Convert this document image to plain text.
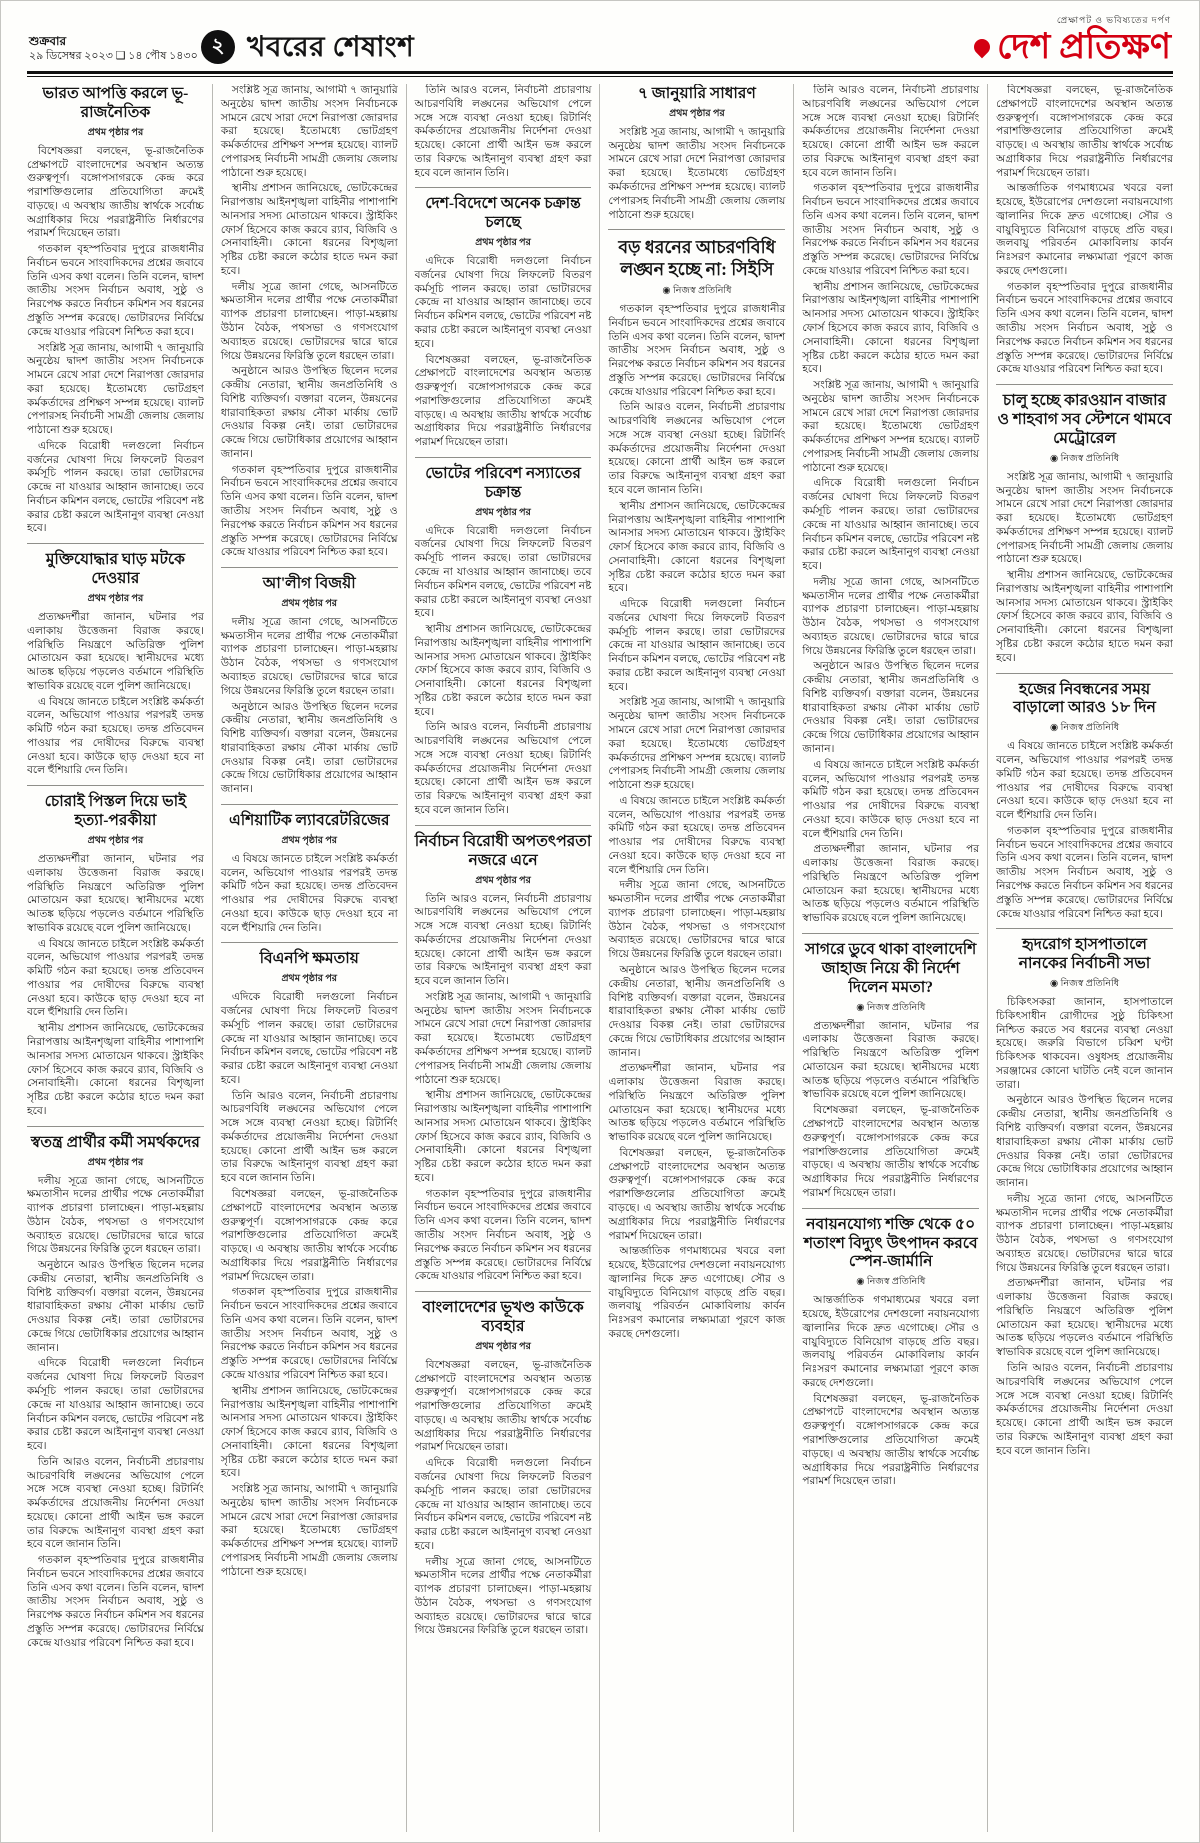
শুক্রবার
২৯ ডিসেম্বর ২০২৩ ❑ ১৪ পৌষ ১৪৩০ ২ খবরের শেষাংশ
প্রেক্ষাপট ও ভবিষ্যতের দর্পণ
দেশ প্রতিক্ষণ
ভারত আপত্তি করলে ভূ-রাজনৈতিক
প্রথম পৃষ্ঠার পর

বিশেষজ্ঞরা বলছেন, ভূ-রাজনৈতিক প্রেক্ষাপটে বাংলাদেশের অবস্থান অত্যন্ত গুরুত্বপূর্ণ। বঙ্গোপসাগরকে কেন্দ্র করে পরাশক্তিগুলোর প্রতিযোগিতা ক্রমেই বাড়ছে। এ অবস্থায় জাতীয় স্বার্থকে সর্বোচ্চ অগ্রাধিকার দিয়ে পররাষ্ট্রনীতি নির্ধারণের পরামর্শ দিয়েছেন তারা।

গতকাল বৃহস্পতিবার দুপুরে রাজধানীর নির্বাচন ভবনে সাংবাদিকদের প্রশ্নের জবাবে তিনি এসব কথা বলেন। তিনি বলেন, দ্বাদশ জাতীয় সংসদ নির্বাচন অবাধ, সুষ্ঠু ও নিরপেক্ষ করতে নির্বাচন কমিশন সব ধরনের প্রস্তুতি সম্পন্ন করেছে। ভোটারদের নির্বিঘ্নে কেন্দ্রে যাওয়ার পরিবেশ নিশ্চিত করা হবে।

সংশ্লিষ্ট সূত্র জানায়, আগামী ৭ জানুয়ারি অনুষ্ঠেয় দ্বাদশ জাতীয় সংসদ নির্বাচনকে সামনে রেখে সারা দেশে নিরাপত্তা জোরদার করা হয়েছে। ইতোমধ্যে ভোটগ্রহণ কর্মকর্তাদের প্রশিক্ষণ সম্পন্ন হয়েছে। ব্যালট পেপারসহ নির্বাচনী সামগ্রী জেলায় জেলায় পাঠানো শুরু হয়েছে।

এদিকে বিরোধী দলগুলো নির্বাচন বর্জনের ঘোষণা দিয়ে লিফলেট বিতরণ কর্মসূচি পালন করছে। তারা ভোটারদের কেন্দ্রে না যাওয়ার আহ্বান জানাচ্ছে। তবে নির্বাচন কমিশন বলছে, ভোটের পরিবেশ নষ্ট করার চেষ্টা করলে আইনানুগ ব্যবস্থা নেওয়া হবে।

মুক্তিযোদ্ধার ঘাড় মটকে দেওয়ার
প্রথম পৃষ্ঠার পর

প্রত্যক্ষদর্শীরা জানান, ঘটনার পর এলাকায় উত্তেজনা বিরাজ করছে। পরিস্থিতি নিয়ন্ত্রণে অতিরিক্ত পুলিশ মোতায়েন করা হয়েছে। স্থানীয়দের মধ্যে আতঙ্ক ছড়িয়ে পড়লেও বর্তমানে পরিস্থিতি স্বাভাবিক রয়েছে বলে পুলিশ জানিয়েছে।

এ বিষয়ে জানতে চাইলে সংশ্লিষ্ট কর্মকর্তা বলেন, অভিযোগ পাওয়ার পরপরই তদন্ত কমিটি গঠন করা হয়েছে। তদন্ত প্রতিবেদন পাওয়ার পর দোষীদের বিরুদ্ধে ব্যবস্থা নেওয়া হবে। কাউকে ছাড় দেওয়া হবে না বলে হুঁশিয়ারি দেন তিনি।

চোরাই পিস্তল দিয়ে ভাই হত্যা-পরকীয়া
প্রথম পৃষ্ঠার পর

প্রত্যক্ষদর্শীরা জানান, ঘটনার পর এলাকায় উত্তেজনা বিরাজ করছে। পরিস্থিতি নিয়ন্ত্রণে অতিরিক্ত পুলিশ মোতায়েন করা হয়েছে। স্থানীয়দের মধ্যে আতঙ্ক ছড়িয়ে পড়লেও বর্তমানে পরিস্থিতি স্বাভাবিক রয়েছে বলে পুলিশ জানিয়েছে।

এ বিষয়ে জানতে চাইলে সংশ্লিষ্ট কর্মকর্তা বলেন, অভিযোগ পাওয়ার পরপরই তদন্ত কমিটি গঠন করা হয়েছে। তদন্ত প্রতিবেদন পাওয়ার পর দোষীদের বিরুদ্ধে ব্যবস্থা নেওয়া হবে। কাউকে ছাড় দেওয়া হবে না বলে হুঁশিয়ারি দেন তিনি।

স্থানীয় প্রশাসন জানিয়েছে, ভোটকেন্দ্রের নিরাপত্তায় আইনশৃঙ্খলা বাহিনীর পাশাপাশি আনসার সদস্য মোতায়েন থাকবে। স্ট্রাইকিং ফোর্স হিসেবে কাজ করবে র‍্যাব, বিজিবি ও সেনাবাহিনী। কোনো ধরনের বিশৃঙ্খলা সৃষ্টির চেষ্টা করলে কঠোর হাতে দমন করা হবে।

স্বতন্ত্র প্রার্থীর কর্মী সমর্থকদের
প্রথম পৃষ্ঠার পর

দলীয় সূত্রে জানা গেছে, আসনটিতে ক্ষমতাসীন দলের প্রার্থীর পক্ষে নেতাকর্মীরা ব্যাপক প্রচারণা চালাচ্ছেন। পাড়া-মহল্লায় উঠান বৈঠক, পথসভা ও গণসংযোগ অব্যাহত রয়েছে। ভোটারদের দ্বারে দ্বারে গিয়ে উন্নয়নের ফিরিস্তি তুলে ধরছেন তারা।

অনুষ্ঠানে আরও উপস্থিত ছিলেন দলের কেন্দ্রীয় নেতারা, স্থানীয় জনপ্রতিনিধি ও বিশিষ্ট ব্যক্তিবর্গ। বক্তারা বলেন, উন্নয়নের ধারাবাহিকতা রক্ষায় নৌকা মার্কায় ভোট দেওয়ার বিকল্প নেই। তারা ভোটারদের কেন্দ্রে গিয়ে ভোটাধিকার প্রয়োগের আহ্বান জানান।

এদিকে বিরোধী দলগুলো নির্বাচন বর্জনের ঘোষণা দিয়ে লিফলেট বিতরণ কর্মসূচি পালন করছে। তারা ভোটারদের কেন্দ্রে না যাওয়ার আহ্বান জানাচ্ছে। তবে নির্বাচন কমিশন বলছে, ভোটের পরিবেশ নষ্ট করার চেষ্টা করলে আইনানুগ ব্যবস্থা নেওয়া হবে।

তিনি আরও বলেন, নির্বাচনী প্রচারণায় আচরণবিধি লঙ্ঘনের অভিযোগ পেলে সঙ্গে সঙ্গে ব্যবস্থা নেওয়া হচ্ছে। রিটার্নিং কর্মকর্তাদের প্রয়োজনীয় নির্দেশনা দেওয়া হয়েছে। কোনো প্রার্থী আইন ভঙ্গ করলে তার বিরুদ্ধে আইনানুগ ব্যবস্থা গ্রহণ করা হবে বলে জানান তিনি।

গতকাল বৃহস্পতিবার দুপুরে রাজধানীর নির্বাচন ভবনে সাংবাদিকদের প্রশ্নের জবাবে তিনি এসব কথা বলেন। তিনি বলেন, দ্বাদশ জাতীয় সংসদ নির্বাচন অবাধ, সুষ্ঠু ও নিরপেক্ষ করতে নির্বাচন কমিশন সব ধরনের প্রস্তুতি সম্পন্ন করেছে। ভোটারদের নির্বিঘ্নে কেন্দ্রে যাওয়ার পরিবেশ নিশ্চিত করা হবে।

সংশ্লিষ্ট সূত্র জানায়, আগামী ৭ জানুয়ারি অনুষ্ঠেয় দ্বাদশ জাতীয় সংসদ নির্বাচনকে সামনে রেখে সারা দেশে নিরাপত্তা জোরদার করা হয়েছে। ইতোমধ্যে ভোটগ্রহণ কর্মকর্তাদের প্রশিক্ষণ সম্পন্ন হয়েছে। ব্যালট পেপারসহ নির্বাচনী সামগ্রী জেলায় জেলায় পাঠানো শুরু হয়েছে।

স্থানীয় প্রশাসন জানিয়েছে, ভোটকেন্দ্রের নিরাপত্তায় আইনশৃঙ্খলা বাহিনীর পাশাপাশি আনসার সদস্য মোতায়েন থাকবে। স্ট্রাইকিং ফোর্স হিসেবে কাজ করবে র‍্যাব, বিজিবি ও সেনাবাহিনী। কোনো ধরনের বিশৃঙ্খলা সৃষ্টির চেষ্টা করলে কঠোর হাতে দমন করা হবে।

দলীয় সূত্রে জানা গেছে, আসনটিতে ক্ষমতাসীন দলের প্রার্থীর পক্ষে নেতাকর্মীরা ব্যাপক প্রচারণা চালাচ্ছেন। পাড়া-মহল্লায় উঠান বৈঠক, পথসভা ও গণসংযোগ অব্যাহত রয়েছে। ভোটারদের দ্বারে দ্বারে গিয়ে উন্নয়নের ফিরিস্তি তুলে ধরছেন তারা।

অনুষ্ঠানে আরও উপস্থিত ছিলেন দলের কেন্দ্রীয় নেতারা, স্থানীয় জনপ্রতিনিধি ও বিশিষ্ট ব্যক্তিবর্গ। বক্তারা বলেন, উন্নয়নের ধারাবাহিকতা রক্ষায় নৌকা মার্কায় ভোট দেওয়ার বিকল্প নেই। তারা ভোটারদের কেন্দ্রে গিয়ে ভোটাধিকার প্রয়োগের আহ্বান জানান।

গতকাল বৃহস্পতিবার দুপুরে রাজধানীর নির্বাচন ভবনে সাংবাদিকদের প্রশ্নের জবাবে তিনি এসব কথা বলেন। তিনি বলেন, দ্বাদশ জাতীয় সংসদ নির্বাচন অবাধ, সুষ্ঠু ও নিরপেক্ষ করতে নির্বাচন কমিশন সব ধরনের প্রস্তুতি সম্পন্ন করেছে। ভোটারদের নির্বিঘ্নে কেন্দ্রে যাওয়ার পরিবেশ নিশ্চিত করা হবে।

আ'লীগ বিজয়ী
প্রথম পৃষ্ঠার পর

দলীয় সূত্রে জানা গেছে, আসনটিতে ক্ষমতাসীন দলের প্রার্থীর পক্ষে নেতাকর্মীরা ব্যাপক প্রচারণা চালাচ্ছেন। পাড়া-মহল্লায় উঠান বৈঠক, পথসভা ও গণসংযোগ অব্যাহত রয়েছে। ভোটারদের দ্বারে দ্বারে গিয়ে উন্নয়নের ফিরিস্তি তুলে ধরছেন তারা।

অনুষ্ঠানে আরও উপস্থিত ছিলেন দলের কেন্দ্রীয় নেতারা, স্থানীয় জনপ্রতিনিধি ও বিশিষ্ট ব্যক্তিবর্গ। বক্তারা বলেন, উন্নয়নের ধারাবাহিকতা রক্ষায় নৌকা মার্কায় ভোট দেওয়ার বিকল্প নেই। তারা ভোটারদের কেন্দ্রে গিয়ে ভোটাধিকার প্রয়োগের আহ্বান জানান।

এশিয়াটিক ল্যাবরেটরিজের
প্রথম পৃষ্ঠার পর

এ বিষয়ে জানতে চাইলে সংশ্লিষ্ট কর্মকর্তা বলেন, অভিযোগ পাওয়ার পরপরই তদন্ত কমিটি গঠন করা হয়েছে। তদন্ত প্রতিবেদন পাওয়ার পর দোষীদের বিরুদ্ধে ব্যবস্থা নেওয়া হবে। কাউকে ছাড় দেওয়া হবে না বলে হুঁশিয়ারি দেন তিনি।

বিএনপি ক্ষমতায়
প্রথম পৃষ্ঠার পর

এদিকে বিরোধী দলগুলো নির্বাচন বর্জনের ঘোষণা দিয়ে লিফলেট বিতরণ কর্মসূচি পালন করছে। তারা ভোটারদের কেন্দ্রে না যাওয়ার আহ্বান জানাচ্ছে। তবে নির্বাচন কমিশন বলছে, ভোটের পরিবেশ নষ্ট করার চেষ্টা করলে আইনানুগ ব্যবস্থা নেওয়া হবে।

তিনি আরও বলেন, নির্বাচনী প্রচারণায় আচরণবিধি লঙ্ঘনের অভিযোগ পেলে সঙ্গে সঙ্গে ব্যবস্থা নেওয়া হচ্ছে। রিটার্নিং কর্মকর্তাদের প্রয়োজনীয় নির্দেশনা দেওয়া হয়েছে। কোনো প্রার্থী আইন ভঙ্গ করলে তার বিরুদ্ধে আইনানুগ ব্যবস্থা গ্রহণ করা হবে বলে জানান তিনি।

বিশেষজ্ঞরা বলছেন, ভূ-রাজনৈতিক প্রেক্ষাপটে বাংলাদেশের অবস্থান অত্যন্ত গুরুত্বপূর্ণ। বঙ্গোপসাগরকে কেন্দ্র করে পরাশক্তিগুলোর প্রতিযোগিতা ক্রমেই বাড়ছে। এ অবস্থায় জাতীয় স্বার্থকে সর্বোচ্চ অগ্রাধিকার দিয়ে পররাষ্ট্রনীতি নির্ধারণের পরামর্শ দিয়েছেন তারা।

গতকাল বৃহস্পতিবার দুপুরে রাজধানীর নির্বাচন ভবনে সাংবাদিকদের প্রশ্নের জবাবে তিনি এসব কথা বলেন। তিনি বলেন, দ্বাদশ জাতীয় সংসদ নির্বাচন অবাধ, সুষ্ঠু ও নিরপেক্ষ করতে নির্বাচন কমিশন সব ধরনের প্রস্তুতি সম্পন্ন করেছে। ভোটারদের নির্বিঘ্নে কেন্দ্রে যাওয়ার পরিবেশ নিশ্চিত করা হবে।

স্থানীয় প্রশাসন জানিয়েছে, ভোটকেন্দ্রের নিরাপত্তায় আইনশৃঙ্খলা বাহিনীর পাশাপাশি আনসার সদস্য মোতায়েন থাকবে। স্ট্রাইকিং ফোর্স হিসেবে কাজ করবে র‍্যাব, বিজিবি ও সেনাবাহিনী। কোনো ধরনের বিশৃঙ্খলা সৃষ্টির চেষ্টা করলে কঠোর হাতে দমন করা হবে।

সংশ্লিষ্ট সূত্র জানায়, আগামী ৭ জানুয়ারি অনুষ্ঠেয় দ্বাদশ জাতীয় সংসদ নির্বাচনকে সামনে রেখে সারা দেশে নিরাপত্তা জোরদার করা হয়েছে। ইতোমধ্যে ভোটগ্রহণ কর্মকর্তাদের প্রশিক্ষণ সম্পন্ন হয়েছে। ব্যালট পেপারসহ নির্বাচনী সামগ্রী জেলায় জেলায় পাঠানো শুরু হয়েছে।

তিনি আরও বলেন, নির্বাচনী প্রচারণায় আচরণবিধি লঙ্ঘনের অভিযোগ পেলে সঙ্গে সঙ্গে ব্যবস্থা নেওয়া হচ্ছে। রিটার্নিং কর্মকর্তাদের প্রয়োজনীয় নির্দেশনা দেওয়া হয়েছে। কোনো প্রার্থী আইন ভঙ্গ করলে তার বিরুদ্ধে আইনানুগ ব্যবস্থা গ্রহণ করা হবে বলে জানান তিনি।

দেশ-বিদেশে অনেক চক্রান্ত চলছে
প্রথম পৃষ্ঠার পর

এদিকে বিরোধী দলগুলো নির্বাচন বর্জনের ঘোষণা দিয়ে লিফলেট বিতরণ কর্মসূচি পালন করছে। তারা ভোটারদের কেন্দ্রে না যাওয়ার আহ্বান জানাচ্ছে। তবে নির্বাচন কমিশন বলছে, ভোটের পরিবেশ নষ্ট করার চেষ্টা করলে আইনানুগ ব্যবস্থা নেওয়া হবে।

বিশেষজ্ঞরা বলছেন, ভূ-রাজনৈতিক প্রেক্ষাপটে বাংলাদেশের অবস্থান অত্যন্ত গুরুত্বপূর্ণ। বঙ্গোপসাগরকে কেন্দ্র করে পরাশক্তিগুলোর প্রতিযোগিতা ক্রমেই বাড়ছে। এ অবস্থায় জাতীয় স্বার্থকে সর্বোচ্চ অগ্রাধিকার দিয়ে পররাষ্ট্রনীতি নির্ধারণের পরামর্শ দিয়েছেন তারা।

ভোটের পরিবেশ নস্যাতের চক্রান্ত
প্রথম পৃষ্ঠার পর

এদিকে বিরোধী দলগুলো নির্বাচন বর্জনের ঘোষণা দিয়ে লিফলেট বিতরণ কর্মসূচি পালন করছে। তারা ভোটারদের কেন্দ্রে না যাওয়ার আহ্বান জানাচ্ছে। তবে নির্বাচন কমিশন বলছে, ভোটের পরিবেশ নষ্ট করার চেষ্টা করলে আইনানুগ ব্যবস্থা নেওয়া হবে।

স্থানীয় প্রশাসন জানিয়েছে, ভোটকেন্দ্রের নিরাপত্তায় আইনশৃঙ্খলা বাহিনীর পাশাপাশি আনসার সদস্য মোতায়েন থাকবে। স্ট্রাইকিং ফোর্স হিসেবে কাজ করবে র‍্যাব, বিজিবি ও সেনাবাহিনী। কোনো ধরনের বিশৃঙ্খলা সৃষ্টির চেষ্টা করলে কঠোর হাতে দমন করা হবে।

তিনি আরও বলেন, নির্বাচনী প্রচারণায় আচরণবিধি লঙ্ঘনের অভিযোগ পেলে সঙ্গে সঙ্গে ব্যবস্থা নেওয়া হচ্ছে। রিটার্নিং কর্মকর্তাদের প্রয়োজনীয় নির্দেশনা দেওয়া হয়েছে। কোনো প্রার্থী আইন ভঙ্গ করলে তার বিরুদ্ধে আইনানুগ ব্যবস্থা গ্রহণ করা হবে বলে জানান তিনি।

নির্বাচন বিরোধী অপতৎপরতা নজরে এনে
প্রথম পৃষ্ঠার পর

তিনি আরও বলেন, নির্বাচনী প্রচারণায় আচরণবিধি লঙ্ঘনের অভিযোগ পেলে সঙ্গে সঙ্গে ব্যবস্থা নেওয়া হচ্ছে। রিটার্নিং কর্মকর্তাদের প্রয়োজনীয় নির্দেশনা দেওয়া হয়েছে। কোনো প্রার্থী আইন ভঙ্গ করলে তার বিরুদ্ধে আইনানুগ ব্যবস্থা গ্রহণ করা হবে বলে জানান তিনি।

সংশ্লিষ্ট সূত্র জানায়, আগামী ৭ জানুয়ারি অনুষ্ঠেয় দ্বাদশ জাতীয় সংসদ নির্বাচনকে সামনে রেখে সারা দেশে নিরাপত্তা জোরদার করা হয়েছে। ইতোমধ্যে ভোটগ্রহণ কর্মকর্তাদের প্রশিক্ষণ সম্পন্ন হয়েছে। ব্যালট পেপারসহ নির্বাচনী সামগ্রী জেলায় জেলায় পাঠানো শুরু হয়েছে।

স্থানীয় প্রশাসন জানিয়েছে, ভোটকেন্দ্রের নিরাপত্তায় আইনশৃঙ্খলা বাহিনীর পাশাপাশি আনসার সদস্য মোতায়েন থাকবে। স্ট্রাইকিং ফোর্স হিসেবে কাজ করবে র‍্যাব, বিজিবি ও সেনাবাহিনী। কোনো ধরনের বিশৃঙ্খলা সৃষ্টির চেষ্টা করলে কঠোর হাতে দমন করা হবে।

গতকাল বৃহস্পতিবার দুপুরে রাজধানীর নির্বাচন ভবনে সাংবাদিকদের প্রশ্নের জবাবে তিনি এসব কথা বলেন। তিনি বলেন, দ্বাদশ জাতীয় সংসদ নির্বাচন অবাধ, সুষ্ঠু ও নিরপেক্ষ করতে নির্বাচন কমিশন সব ধরনের প্রস্তুতি সম্পন্ন করেছে। ভোটারদের নির্বিঘ্নে কেন্দ্রে যাওয়ার পরিবেশ নিশ্চিত করা হবে।

বাংলাদেশের ভূখণ্ড কাউকে ব্যবহার
প্রথম পৃষ্ঠার পর

বিশেষজ্ঞরা বলছেন, ভূ-রাজনৈতিক প্রেক্ষাপটে বাংলাদেশের অবস্থান অত্যন্ত গুরুত্বপূর্ণ। বঙ্গোপসাগরকে কেন্দ্র করে পরাশক্তিগুলোর প্রতিযোগিতা ক্রমেই বাড়ছে। এ অবস্থায় জাতীয় স্বার্থকে সর্বোচ্চ অগ্রাধিকার দিয়ে পররাষ্ট্রনীতি নির্ধারণের পরামর্শ দিয়েছেন তারা।

এদিকে বিরোধী দলগুলো নির্বাচন বর্জনের ঘোষণা দিয়ে লিফলেট বিতরণ কর্মসূচি পালন করছে। তারা ভোটারদের কেন্দ্রে না যাওয়ার আহ্বান জানাচ্ছে। তবে নির্বাচন কমিশন বলছে, ভোটের পরিবেশ নষ্ট করার চেষ্টা করলে আইনানুগ ব্যবস্থা নেওয়া হবে।

দলীয় সূত্রে জানা গেছে, আসনটিতে ক্ষমতাসীন দলের প্রার্থীর পক্ষে নেতাকর্মীরা ব্যাপক প্রচারণা চালাচ্ছেন। পাড়া-মহল্লায় উঠান বৈঠক, পথসভা ও গণসংযোগ অব্যাহত রয়েছে। ভোটারদের দ্বারে দ্বারে গিয়ে উন্নয়নের ফিরিস্তি তুলে ধরছেন তারা।

৭ জানুয়ারি সাধারণ
প্রথম পৃষ্ঠার পর

সংশ্লিষ্ট সূত্র জানায়, আগামী ৭ জানুয়ারি অনুষ্ঠেয় দ্বাদশ জাতীয় সংসদ নির্বাচনকে সামনে রেখে সারা দেশে নিরাপত্তা জোরদার করা হয়েছে। ইতোমধ্যে ভোটগ্রহণ কর্মকর্তাদের প্রশিক্ষণ সম্পন্ন হয়েছে। ব্যালট পেপারসহ নির্বাচনী সামগ্রী জেলায় জেলায় পাঠানো শুরু হয়েছে।

বড় ধরনের আচরণবিধি লঙ্ঘন হচ্ছে না: সিইসি
◉ নিজস্ব প্রতিনিধি

গতকাল বৃহস্পতিবার দুপুরে রাজধানীর নির্বাচন ভবনে সাংবাদিকদের প্রশ্নের জবাবে তিনি এসব কথা বলেন। তিনি বলেন, দ্বাদশ জাতীয় সংসদ নির্বাচন অবাধ, সুষ্ঠু ও নিরপেক্ষ করতে নির্বাচন কমিশন সব ধরনের প্রস্তুতি সম্পন্ন করেছে। ভোটারদের নির্বিঘ্নে কেন্দ্রে যাওয়ার পরিবেশ নিশ্চিত করা হবে।

তিনি আরও বলেন, নির্বাচনী প্রচারণায় আচরণবিধি লঙ্ঘনের অভিযোগ পেলে সঙ্গে সঙ্গে ব্যবস্থা নেওয়া হচ্ছে। রিটার্নিং কর্মকর্তাদের প্রয়োজনীয় নির্দেশনা দেওয়া হয়েছে। কোনো প্রার্থী আইন ভঙ্গ করলে তার বিরুদ্ধে আইনানুগ ব্যবস্থা গ্রহণ করা হবে বলে জানান তিনি।

স্থানীয় প্রশাসন জানিয়েছে, ভোটকেন্দ্রের নিরাপত্তায় আইনশৃঙ্খলা বাহিনীর পাশাপাশি আনসার সদস্য মোতায়েন থাকবে। স্ট্রাইকিং ফোর্স হিসেবে কাজ করবে র‍্যাব, বিজিবি ও সেনাবাহিনী। কোনো ধরনের বিশৃঙ্খলা সৃষ্টির চেষ্টা করলে কঠোর হাতে দমন করা হবে।

এদিকে বিরোধী দলগুলো নির্বাচন বর্জনের ঘোষণা দিয়ে লিফলেট বিতরণ কর্মসূচি পালন করছে। তারা ভোটারদের কেন্দ্রে না যাওয়ার আহ্বান জানাচ্ছে। তবে নির্বাচন কমিশন বলছে, ভোটের পরিবেশ নষ্ট করার চেষ্টা করলে আইনানুগ ব্যবস্থা নেওয়া হবে।

সংশ্লিষ্ট সূত্র জানায়, আগামী ৭ জানুয়ারি অনুষ্ঠেয় দ্বাদশ জাতীয় সংসদ নির্বাচনকে সামনে রেখে সারা দেশে নিরাপত্তা জোরদার করা হয়েছে। ইতোমধ্যে ভোটগ্রহণ কর্মকর্তাদের প্রশিক্ষণ সম্পন্ন হয়েছে। ব্যালট পেপারসহ নির্বাচনী সামগ্রী জেলায় জেলায় পাঠানো শুরু হয়েছে।

এ বিষয়ে জানতে চাইলে সংশ্লিষ্ট কর্মকর্তা বলেন, অভিযোগ পাওয়ার পরপরই তদন্ত কমিটি গঠন করা হয়েছে। তদন্ত প্রতিবেদন পাওয়ার পর দোষীদের বিরুদ্ধে ব্যবস্থা নেওয়া হবে। কাউকে ছাড় দেওয়া হবে না বলে হুঁশিয়ারি দেন তিনি।

দলীয় সূত্রে জানা গেছে, আসনটিতে ক্ষমতাসীন দলের প্রার্থীর পক্ষে নেতাকর্মীরা ব্যাপক প্রচারণা চালাচ্ছেন। পাড়া-মহল্লায় উঠান বৈঠক, পথসভা ও গণসংযোগ অব্যাহত রয়েছে। ভোটারদের দ্বারে দ্বারে গিয়ে উন্নয়নের ফিরিস্তি তুলে ধরছেন তারা।

অনুষ্ঠানে আরও উপস্থিত ছিলেন দলের কেন্দ্রীয় নেতারা, স্থানীয় জনপ্রতিনিধি ও বিশিষ্ট ব্যক্তিবর্গ। বক্তারা বলেন, উন্নয়নের ধারাবাহিকতা রক্ষায় নৌকা মার্কায় ভোট দেওয়ার বিকল্প নেই। তারা ভোটারদের কেন্দ্রে গিয়ে ভোটাধিকার প্রয়োগের আহ্বান জানান।

প্রত্যক্ষদর্শীরা জানান, ঘটনার পর এলাকায় উত্তেজনা বিরাজ করছে। পরিস্থিতি নিয়ন্ত্রণে অতিরিক্ত পুলিশ মোতায়েন করা হয়েছে। স্থানীয়দের মধ্যে আতঙ্ক ছড়িয়ে পড়লেও বর্তমানে পরিস্থিতি স্বাভাবিক রয়েছে বলে পুলিশ জানিয়েছে।

বিশেষজ্ঞরা বলছেন, ভূ-রাজনৈতিক প্রেক্ষাপটে বাংলাদেশের অবস্থান অত্যন্ত গুরুত্বপূর্ণ। বঙ্গোপসাগরকে কেন্দ্র করে পরাশক্তিগুলোর প্রতিযোগিতা ক্রমেই বাড়ছে। এ অবস্থায় জাতীয় স্বার্থকে সর্বোচ্চ অগ্রাধিকার দিয়ে পররাষ্ট্রনীতি নির্ধারণের পরামর্শ দিয়েছেন তারা।

আন্তর্জাতিক গণমাধ্যমের খবরে বলা হয়েছে, ইউরোপের দেশগুলো নবায়নযোগ্য জ্বালানির দিকে দ্রুত এগোচ্ছে। সৌর ও বায়ুবিদ্যুতে বিনিয়োগ বাড়ছে প্রতি বছর। জলবায়ু পরিবর্তন মোকাবিলায় কার্বন নিঃসরণ কমানোর লক্ষ্যমাত্রা পূরণে কাজ করছে দেশগুলো।

তিনি আরও বলেন, নির্বাচনী প্রচারণায় আচরণবিধি লঙ্ঘনের অভিযোগ পেলে সঙ্গে সঙ্গে ব্যবস্থা নেওয়া হচ্ছে। রিটার্নিং কর্মকর্তাদের প্রয়োজনীয় নির্দেশনা দেওয়া হয়েছে। কোনো প্রার্থী আইন ভঙ্গ করলে তার বিরুদ্ধে আইনানুগ ব্যবস্থা গ্রহণ করা হবে বলে জানান তিনি।

গতকাল বৃহস্পতিবার দুপুরে রাজধানীর নির্বাচন ভবনে সাংবাদিকদের প্রশ্নের জবাবে তিনি এসব কথা বলেন। তিনি বলেন, দ্বাদশ জাতীয় সংসদ নির্বাচন অবাধ, সুষ্ঠু ও নিরপেক্ষ করতে নির্বাচন কমিশন সব ধরনের প্রস্তুতি সম্পন্ন করেছে। ভোটারদের নির্বিঘ্নে কেন্দ্রে যাওয়ার পরিবেশ নিশ্চিত করা হবে।

স্থানীয় প্রশাসন জানিয়েছে, ভোটকেন্দ্রের নিরাপত্তায় আইনশৃঙ্খলা বাহিনীর পাশাপাশি আনসার সদস্য মোতায়েন থাকবে। স্ট্রাইকিং ফোর্স হিসেবে কাজ করবে র‍্যাব, বিজিবি ও সেনাবাহিনী। কোনো ধরনের বিশৃঙ্খলা সৃষ্টির চেষ্টা করলে কঠোর হাতে দমন করা হবে।

সংশ্লিষ্ট সূত্র জানায়, আগামী ৭ জানুয়ারি অনুষ্ঠেয় দ্বাদশ জাতীয় সংসদ নির্বাচনকে সামনে রেখে সারা দেশে নিরাপত্তা জোরদার করা হয়েছে। ইতোমধ্যে ভোটগ্রহণ কর্মকর্তাদের প্রশিক্ষণ সম্পন্ন হয়েছে। ব্যালট পেপারসহ নির্বাচনী সামগ্রী জেলায় জেলায় পাঠানো শুরু হয়েছে।

এদিকে বিরোধী দলগুলো নির্বাচন বর্জনের ঘোষণা দিয়ে লিফলেট বিতরণ কর্মসূচি পালন করছে। তারা ভোটারদের কেন্দ্রে না যাওয়ার আহ্বান জানাচ্ছে। তবে নির্বাচন কমিশন বলছে, ভোটের পরিবেশ নষ্ট করার চেষ্টা করলে আইনানুগ ব্যবস্থা নেওয়া হবে।

দলীয় সূত্রে জানা গেছে, আসনটিতে ক্ষমতাসীন দলের প্রার্থীর পক্ষে নেতাকর্মীরা ব্যাপক প্রচারণা চালাচ্ছেন। পাড়া-মহল্লায় উঠান বৈঠক, পথসভা ও গণসংযোগ অব্যাহত রয়েছে। ভোটারদের দ্বারে দ্বারে গিয়ে উন্নয়নের ফিরিস্তি তুলে ধরছেন তারা।

অনুষ্ঠানে আরও উপস্থিত ছিলেন দলের কেন্দ্রীয় নেতারা, স্থানীয় জনপ্রতিনিধি ও বিশিষ্ট ব্যক্তিবর্গ। বক্তারা বলেন, উন্নয়নের ধারাবাহিকতা রক্ষায় নৌকা মার্কায় ভোট দেওয়ার বিকল্প নেই। তারা ভোটারদের কেন্দ্রে গিয়ে ভোটাধিকার প্রয়োগের আহ্বান জানান।

এ বিষয়ে জানতে চাইলে সংশ্লিষ্ট কর্মকর্তা বলেন, অভিযোগ পাওয়ার পরপরই তদন্ত কমিটি গঠন করা হয়েছে। তদন্ত প্রতিবেদন পাওয়ার পর দোষীদের বিরুদ্ধে ব্যবস্থা নেওয়া হবে। কাউকে ছাড় দেওয়া হবে না বলে হুঁশিয়ারি দেন তিনি।

প্রত্যক্ষদর্শীরা জানান, ঘটনার পর এলাকায় উত্তেজনা বিরাজ করছে। পরিস্থিতি নিয়ন্ত্রণে অতিরিক্ত পুলিশ মোতায়েন করা হয়েছে। স্থানীয়দের মধ্যে আতঙ্ক ছড়িয়ে পড়লেও বর্তমানে পরিস্থিতি স্বাভাবিক রয়েছে বলে পুলিশ জানিয়েছে।

সাগরে ডুবে থাকা বাংলাদেশি জাহাজ নিয়ে কী নির্দেশ দিলেন মমতা?
◉ নিজস্ব প্রতিনিধি

প্রত্যক্ষদর্শীরা জানান, ঘটনার পর এলাকায় উত্তেজনা বিরাজ করছে। পরিস্থিতি নিয়ন্ত্রণে অতিরিক্ত পুলিশ মোতায়েন করা হয়েছে। স্থানীয়দের মধ্যে আতঙ্ক ছড়িয়ে পড়লেও বর্তমানে পরিস্থিতি স্বাভাবিক রয়েছে বলে পুলিশ জানিয়েছে।

বিশেষজ্ঞরা বলছেন, ভূ-রাজনৈতিক প্রেক্ষাপটে বাংলাদেশের অবস্থান অত্যন্ত গুরুত্বপূর্ণ। বঙ্গোপসাগরকে কেন্দ্র করে পরাশক্তিগুলোর প্রতিযোগিতা ক্রমেই বাড়ছে। এ অবস্থায় জাতীয় স্বার্থকে সর্বোচ্চ অগ্রাধিকার দিয়ে পররাষ্ট্রনীতি নির্ধারণের পরামর্শ দিয়েছেন তারা।

নবায়নযোগ্য শক্তি থেকে ৫০ শতাংশ বিদ্যুৎ উৎপাদন করবে স্পেন-জার্মানি
◉ নিজস্ব প্রতিনিধি

আন্তর্জাতিক গণমাধ্যমের খবরে বলা হয়েছে, ইউরোপের দেশগুলো নবায়নযোগ্য জ্বালানির দিকে দ্রুত এগোচ্ছে। সৌর ও বায়ুবিদ্যুতে বিনিয়োগ বাড়ছে প্রতি বছর। জলবায়ু পরিবর্তন মোকাবিলায় কার্বন নিঃসরণ কমানোর লক্ষ্যমাত্রা পূরণে কাজ করছে দেশগুলো।

বিশেষজ্ঞরা বলছেন, ভূ-রাজনৈতিক প্রেক্ষাপটে বাংলাদেশের অবস্থান অত্যন্ত গুরুত্বপূর্ণ। বঙ্গোপসাগরকে কেন্দ্র করে পরাশক্তিগুলোর প্রতিযোগিতা ক্রমেই বাড়ছে। এ অবস্থায় জাতীয় স্বার্থকে সর্বোচ্চ অগ্রাধিকার দিয়ে পররাষ্ট্রনীতি নির্ধারণের পরামর্শ দিয়েছেন তারা।

বিশেষজ্ঞরা বলছেন, ভূ-রাজনৈতিক প্রেক্ষাপটে বাংলাদেশের অবস্থান অত্যন্ত গুরুত্বপূর্ণ। বঙ্গোপসাগরকে কেন্দ্র করে পরাশক্তিগুলোর প্রতিযোগিতা ক্রমেই বাড়ছে। এ অবস্থায় জাতীয় স্বার্থকে সর্বোচ্চ অগ্রাধিকার দিয়ে পররাষ্ট্রনীতি নির্ধারণের পরামর্শ দিয়েছেন তারা।

আন্তর্জাতিক গণমাধ্যমের খবরে বলা হয়েছে, ইউরোপের দেশগুলো নবায়নযোগ্য জ্বালানির দিকে দ্রুত এগোচ্ছে। সৌর ও বায়ুবিদ্যুতে বিনিয়োগ বাড়ছে প্রতি বছর। জলবায়ু পরিবর্তন মোকাবিলায় কার্বন নিঃসরণ কমানোর লক্ষ্যমাত্রা পূরণে কাজ করছে দেশগুলো।

গতকাল বৃহস্পতিবার দুপুরে রাজধানীর নির্বাচন ভবনে সাংবাদিকদের প্রশ্নের জবাবে তিনি এসব কথা বলেন। তিনি বলেন, দ্বাদশ জাতীয় সংসদ নির্বাচন অবাধ, সুষ্ঠু ও নিরপেক্ষ করতে নির্বাচন কমিশন সব ধরনের প্রস্তুতি সম্পন্ন করেছে। ভোটারদের নির্বিঘ্নে কেন্দ্রে যাওয়ার পরিবেশ নিশ্চিত করা হবে।

চালু হচ্ছে কারওয়ান বাজার ও শাহবাগ সব স্টেশনে থামবে মেট্রোরেল
◉ নিজস্ব প্রতিনিধি

সংশ্লিষ্ট সূত্র জানায়, আগামী ৭ জানুয়ারি অনুষ্ঠেয় দ্বাদশ জাতীয় সংসদ নির্বাচনকে সামনে রেখে সারা দেশে নিরাপত্তা জোরদার করা হয়েছে। ইতোমধ্যে ভোটগ্রহণ কর্মকর্তাদের প্রশিক্ষণ সম্পন্ন হয়েছে। ব্যালট পেপারসহ নির্বাচনী সামগ্রী জেলায় জেলায় পাঠানো শুরু হয়েছে।

স্থানীয় প্রশাসন জানিয়েছে, ভোটকেন্দ্রের নিরাপত্তায় আইনশৃঙ্খলা বাহিনীর পাশাপাশি আনসার সদস্য মোতায়েন থাকবে। স্ট্রাইকিং ফোর্স হিসেবে কাজ করবে র‍্যাব, বিজিবি ও সেনাবাহিনী। কোনো ধরনের বিশৃঙ্খলা সৃষ্টির চেষ্টা করলে কঠোর হাতে দমন করা হবে।

হজের নিবন্ধনের সময় বাড়ালো আরও ১৮ দিন
◉ নিজস্ব প্রতিনিধি

এ বিষয়ে জানতে চাইলে সংশ্লিষ্ট কর্মকর্তা বলেন, অভিযোগ পাওয়ার পরপরই তদন্ত কমিটি গঠন করা হয়েছে। তদন্ত প্রতিবেদন পাওয়ার পর দোষীদের বিরুদ্ধে ব্যবস্থা নেওয়া হবে। কাউকে ছাড় দেওয়া হবে না বলে হুঁশিয়ারি দেন তিনি।

গতকাল বৃহস্পতিবার দুপুরে রাজধানীর নির্বাচন ভবনে সাংবাদিকদের প্রশ্নের জবাবে তিনি এসব কথা বলেন। তিনি বলেন, দ্বাদশ জাতীয় সংসদ নির্বাচন অবাধ, সুষ্ঠু ও নিরপেক্ষ করতে নির্বাচন কমিশন সব ধরনের প্রস্তুতি সম্পন্ন করেছে। ভোটারদের নির্বিঘ্নে কেন্দ্রে যাওয়ার পরিবেশ নিশ্চিত করা হবে।

হৃদরোগ হাসপাতালে নানকের নির্বাচনী সভা
◉ নিজস্ব প্রতিনিধি

চিকিৎসকরা জানান, হাসপাতালে চিকিৎসাধীন রোগীদের সুষ্ঠু চিকিৎসা নিশ্চিত করতে সব ধরনের ব্যবস্থা নেওয়া হয়েছে। জরুরি বিভাগে চব্বিশ ঘণ্টা চিকিৎসক থাকবেন। ওষুধসহ প্রয়োজনীয় সরঞ্জামের কোনো ঘাটতি নেই বলে জানান তারা।

অনুষ্ঠানে আরও উপস্থিত ছিলেন দলের কেন্দ্রীয় নেতারা, স্থানীয় জনপ্রতিনিধি ও বিশিষ্ট ব্যক্তিবর্গ। বক্তারা বলেন, উন্নয়নের ধারাবাহিকতা রক্ষায় নৌকা মার্কায় ভোট দেওয়ার বিকল্প নেই। তারা ভোটারদের কেন্দ্রে গিয়ে ভোটাধিকার প্রয়োগের আহ্বান জানান।

দলীয় সূত্রে জানা গেছে, আসনটিতে ক্ষমতাসীন দলের প্রার্থীর পক্ষে নেতাকর্মীরা ব্যাপক প্রচারণা চালাচ্ছেন। পাড়া-মহল্লায় উঠান বৈঠক, পথসভা ও গণসংযোগ অব্যাহত রয়েছে। ভোটারদের দ্বারে দ্বারে গিয়ে উন্নয়নের ফিরিস্তি তুলে ধরছেন তারা।

প্রত্যক্ষদর্শীরা জানান, ঘটনার পর এলাকায় উত্তেজনা বিরাজ করছে। পরিস্থিতি নিয়ন্ত্রণে অতিরিক্ত পুলিশ মোতায়েন করা হয়েছে। স্থানীয়দের মধ্যে আতঙ্ক ছড়িয়ে পড়লেও বর্তমানে পরিস্থিতি স্বাভাবিক রয়েছে বলে পুলিশ জানিয়েছে।

তিনি আরও বলেন, নির্বাচনী প্রচারণায় আচরণবিধি লঙ্ঘনের অভিযোগ পেলে সঙ্গে সঙ্গে ব্যবস্থা নেওয়া হচ্ছে। রিটার্নিং কর্মকর্তাদের প্রয়োজনীয় নির্দেশনা দেওয়া হয়েছে। কোনো প্রার্থী আইন ভঙ্গ করলে তার বিরুদ্ধে আইনানুগ ব্যবস্থা গ্রহণ করা হবে বলে জানান তিনি।
